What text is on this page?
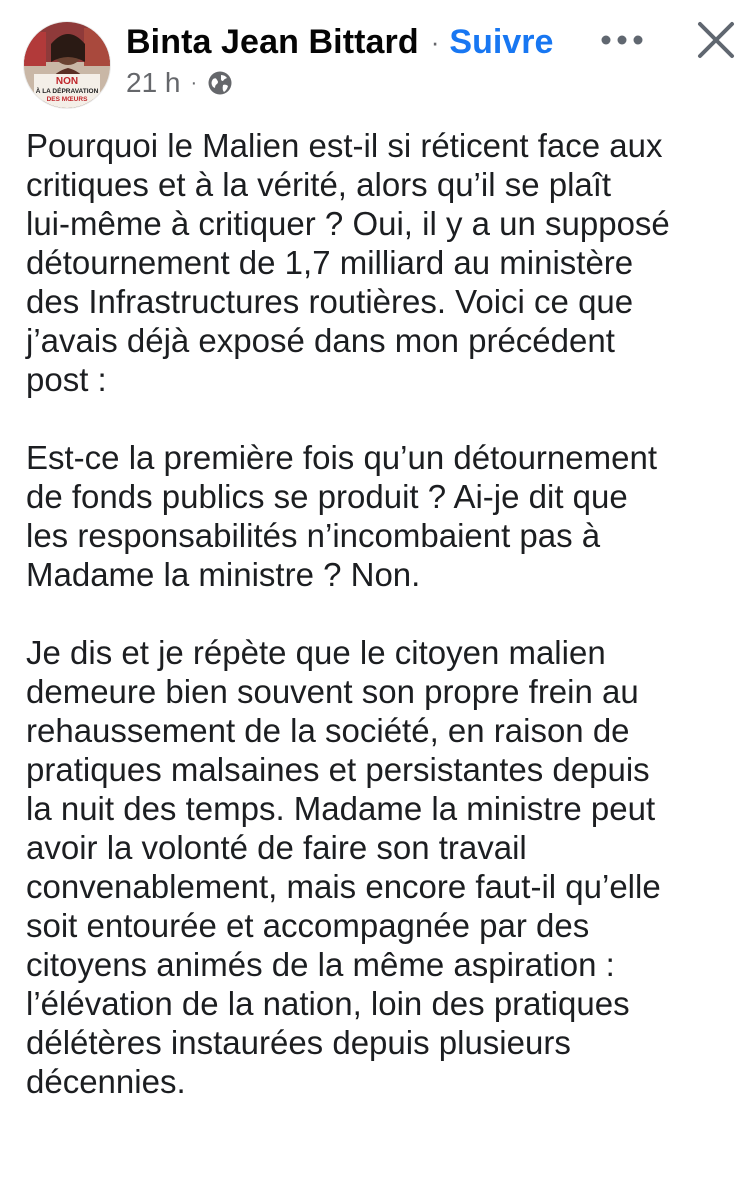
NON
À LA DÉPRAVATION
DES MŒURS
Binta Jean Bittard · Suivre
21 h ·

Pourquoi le Malien est-il si réticent face aux
critiques et à la vérité, alors qu’il se plaît
lui-même à critiquer ? Oui, il y a un supposé
détournement de 1,7 milliard au ministère
des Infrastructures routières. Voici ce que
j’avais déjà exposé dans mon précédent
post :

Est-ce la première fois qu’un détournement
de fonds publics se produit ? Ai-je dit que
les responsabilités n’incombaient pas à
Madame la ministre ? Non.

Je dis et je répète que le citoyen malien
demeure bien souvent son propre frein au
rehaussement de la société, en raison de
pratiques malsaines et persistantes depuis
la nuit des temps. Madame la ministre peut
avoir la volonté de faire son travail
convenablement, mais encore faut-il qu’elle
soit entourée et accompagnée par des
citoyens animés de la même aspiration :
l’élévation de la nation, loin des pratiques
délétères instaurées depuis plusieurs
décennies.
